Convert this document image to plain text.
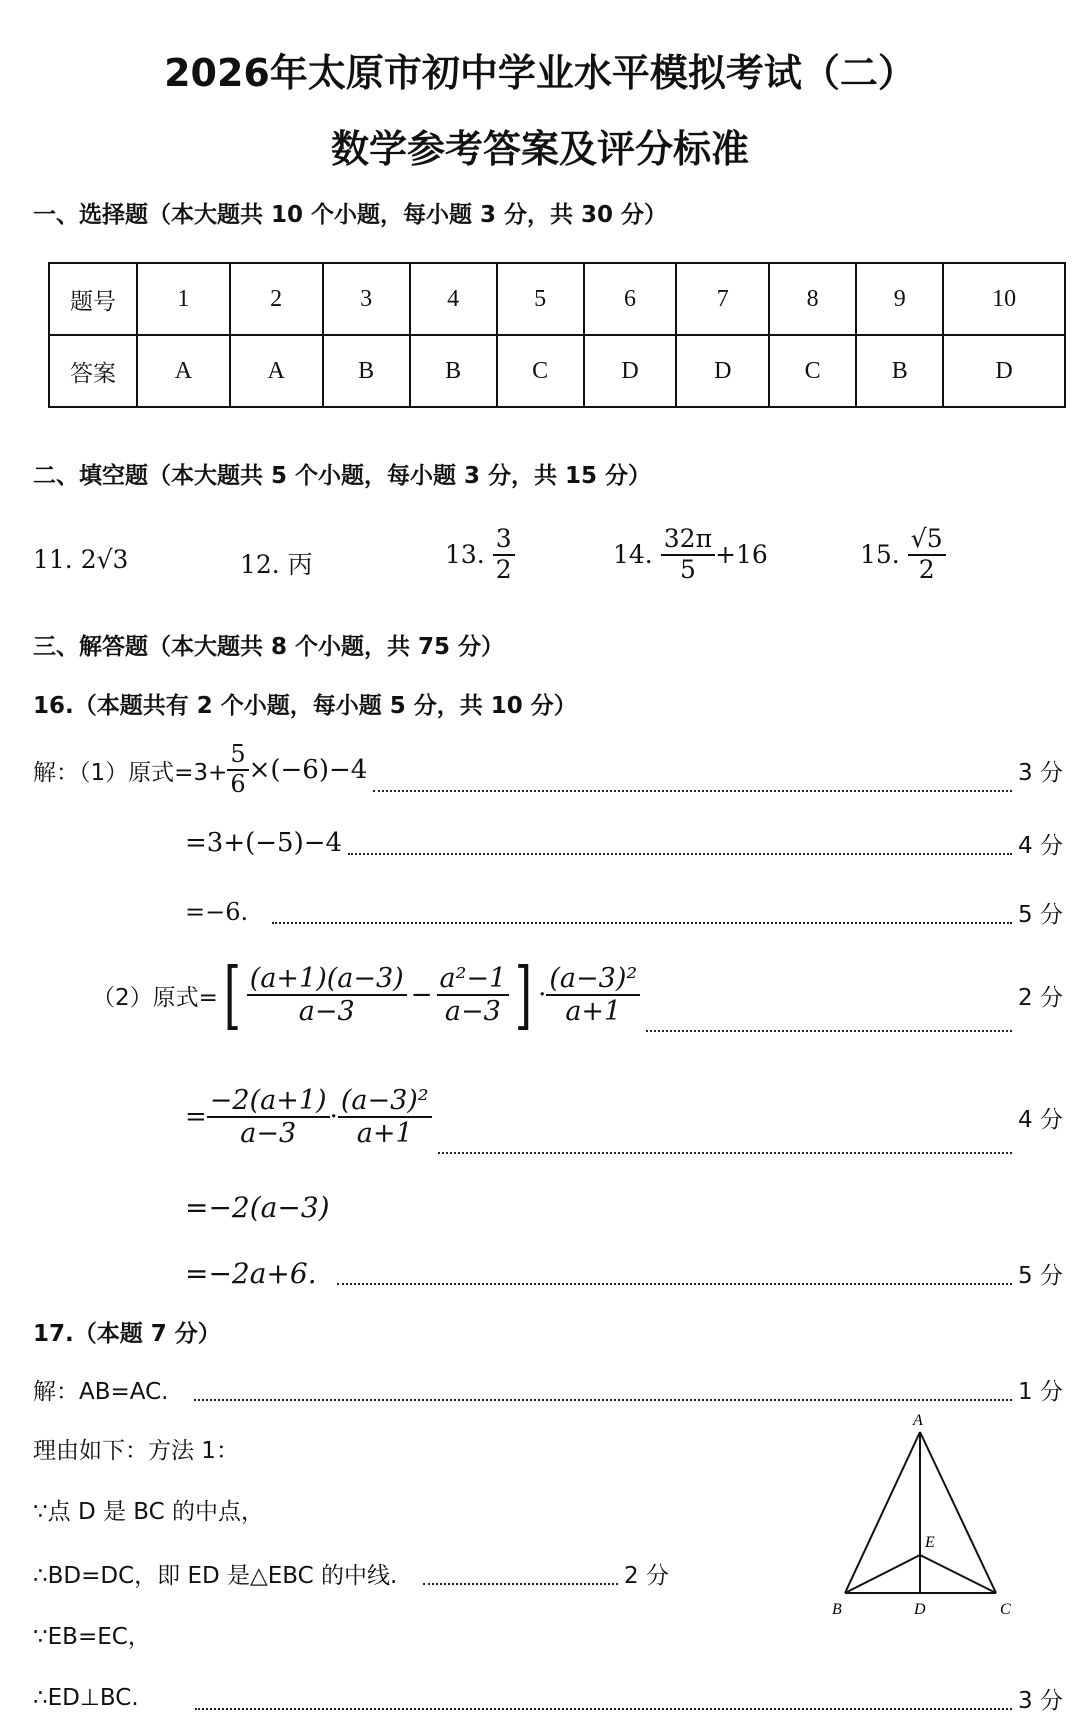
2026年太原市初中学业水平模拟考试（二）
数学参考答案及评分标准
一、选择题（本大题共 10 个小题，每小题 3 分，共 30 分）
题号	1	2	3	4	5	6	7	8	9	10
答案	A	A	B	B	C	D	D	C	B	D
二、填空题（本大题共 5 个小题，每小题 3 分，共 15 分）
11. 2√3	12. 丙	13. $\frac{3}{2}$	14. $\frac{32\pi}{5} +16$	15. $\frac{√5}{2}$
三、解答题（本大题共 8 个小题，共 75 分）
16.（本题共有 2 个小题，每小题 5 分，共 10 分）
解：（1）原式$=3+ \frac{5}{6} \times(-6)-4$	3 分
=3+(−5)−4	4 分
=−6.	5 分
（2）原式= [ $\frac{(a+1)(a-3)}{a-3} - \frac{\text{a²−1}}{a-3}$ ] · $\frac{\text{(a−3)²}}{a+1}$	2 分
= $\frac{-2(a+1)}{a-3} \cdot \frac{\text{(a−3)²}}{a+1}$	4 分
=−2(a−3)
=−2a+6.	5 分
17.（本题 7 分）
解：AB=AC.	1 分
理由如下：方法 1：
∵点 D 是 BC 的中点，
∴BD=DC，即 ED 是△EBC 的中线.	2 分
∵EB=EC，
∴ED⊥BC.	3 分
A
B	C
D
E
